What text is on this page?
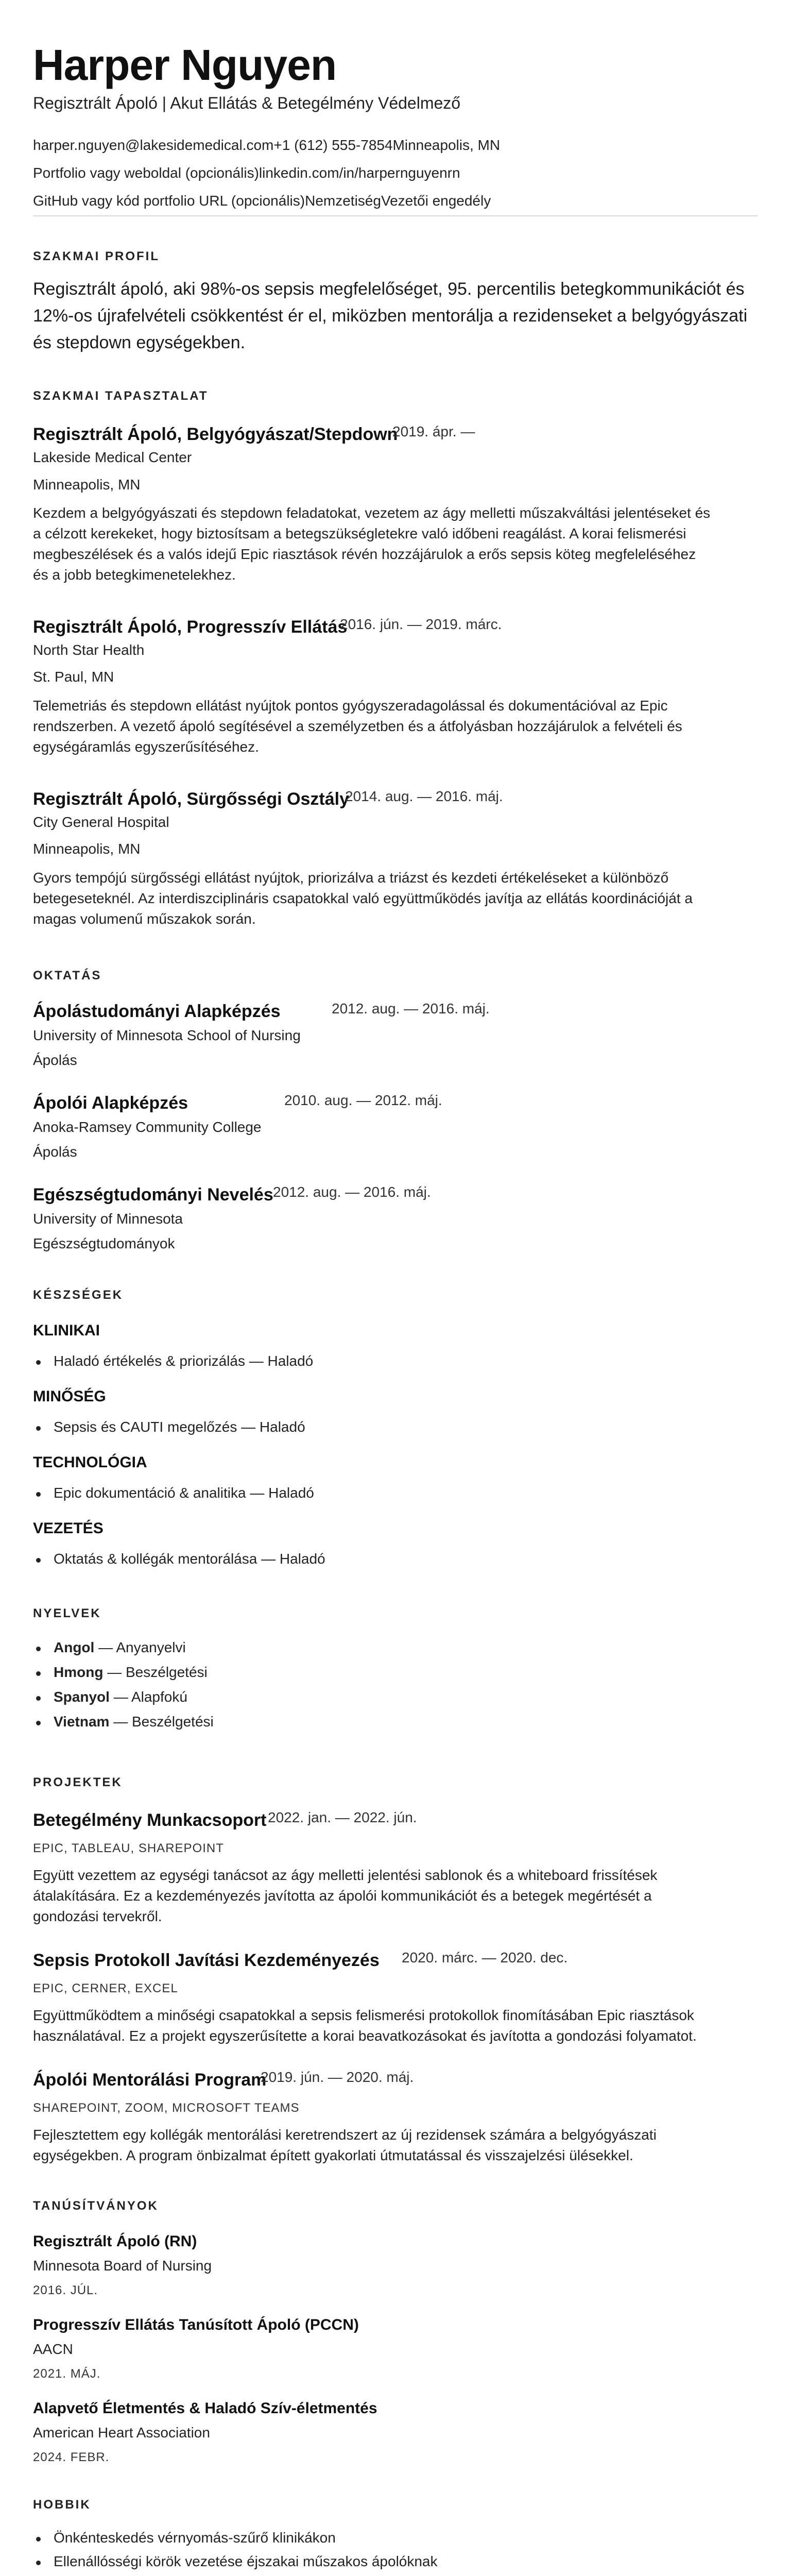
Harper Nguyen
Regisztrált Ápoló | Akut Ellátás & Betegélmény Védelmező
harper.nguyen@lakesidemedical.com+1 (612) 555-7854Minneapolis, MN
Portfolio vagy weboldal (opcionális)linkedin.com/in/harpernguyenrn
GitHub vagy kód portfolio URL (opcionális)NemzetiségVezetői engedély
SZAKMAI PROFIL
Regisztrált ápoló, aki 98%-os sepsis megfelelőséget, 95. percentilis betegkommunikációt és
12%-os újrafelvételi csökkentést ér el, miközben mentorálja a rezidenseket a belgyógyászati
és stepdown egységekben.
SZAKMAI TAPASZTALAT
Regisztrált Ápoló, Belgyógyászat/Stepdown
2019. ápr. —
Lakeside Medical Center
Minneapolis, MN
Kezdem a belgyógyászati és stepdown feladatokat, vezetem az ágy melletti műszakváltási jelentéseket és
a célzott kerekeket, hogy biztosítsam a betegszükségletekre való időbeni reagálást. A korai felismerési
megbeszélések és a valós idejű Epic riasztások révén hozzájárulok a erős sepsis köteg megfeleléséhez
és a jobb betegkimenetelekhez.
Regisztrált Ápoló, Progresszív Ellátás
2016. jún. — 2019. márc.
North Star Health
St. Paul, MN
Telemetriás és stepdown ellátást nyújtok pontos gyógyszeradagolással és dokumentációval az Epic
rendszerben. A vezető ápoló segítésével a személyzetben és a átfolyásban hozzájárulok a felvételi és
egységáramlás egyszerűsítéséhez.
Regisztrált Ápoló, Sürgősségi Osztály
2014. aug. — 2016. máj.
City General Hospital
Minneapolis, MN
Gyors tempójú sürgősségi ellátást nyújtok, priorizálva a triázst és kezdeti értékeléseket a különböző
betegeseteknél. Az interdiszciplináris csapatokkal való együttműködés javítja az ellátás koordinációját a
magas volumenű műszakok során.
OKTATÁS
Ápolástudományi Alapképzés	2012. aug. — 2016. máj.
University of Minnesota School of Nursing
Ápolás
Ápolói Alapképzés	2010. aug. — 2012. máj.
Anoka-Ramsey Community College
Ápolás
Egészségtudományi Nevelés 2012. aug. — 2016. máj.
University of Minnesota
Egészségtudományok
KÉSZSÉGEK
KLINIKAI
Haladó értékelés & priorizálás — Haladó
MINŐSÉG
Sepsis és CAUTI megelőzés — Haladó
TECHNOLÓGIA
Epic dokumentáció & analitika — Haladó
VEZETÉS
Oktatás & kollégák mentorálása — Haladó
NYELVEK
Angol — Anyanyelvi
Hmong — Beszélgetési
Spanyol — Alapfokú
Vietnam — Beszélgetési
PROJEKTEK
Betegélmény Munkacsoport 2022. jan. — 2022. jún.
EPIC, TABLEAU, SHAREPOINT
Együtt vezettem az egységi tanácsot az ágy melletti jelentési sablonok és a whiteboard frissítések
átalakítására. Ez a kezdeményezés javította az ápolói kommunikációt és a betegek megértését a
gondozási tervekről.
Sepsis Protokoll Javítási Kezdeményezés 2020. márc. — 2020. dec.
EPIC, CERNER, EXCEL
Együttműködtem a minőségi csapatokkal a sepsis felismerési protokollok finomításában Epic riasztások
használatával. Ez a projekt egyszerűsítette a korai beavatkozásokat és javította a gondozási folyamatot.
Ápolói Mentorálási Program
2019. jún. — 2020. máj.
SHAREPOINT, ZOOM, MICROSOFT TEAMS
Fejlesztettem egy kollégák mentorálási keretrendszert az új rezidensek számára a belgyógyászati
egységekben. A program önbizalmat épített gyakorlati útmutatással és visszajelzési ülésekkel.
TANÚSÍTVÁNYOK
Regisztrált Ápoló (RN)
Minnesota Board of Nursing
2016. JÚL.
Progresszív Ellátás Tanúsított Ápoló (PCCN)
AACN
2021. MÁJ.
Alapvető Életmentés & Haladó Szív-életmentés
American Heart Association
2024. FEBR.
HOBBIK
Önkénteskedés vérnyomás-szűrő klinikákon
Ellenállósségi körök vezetése éjszakai műszakos ápolóknak
